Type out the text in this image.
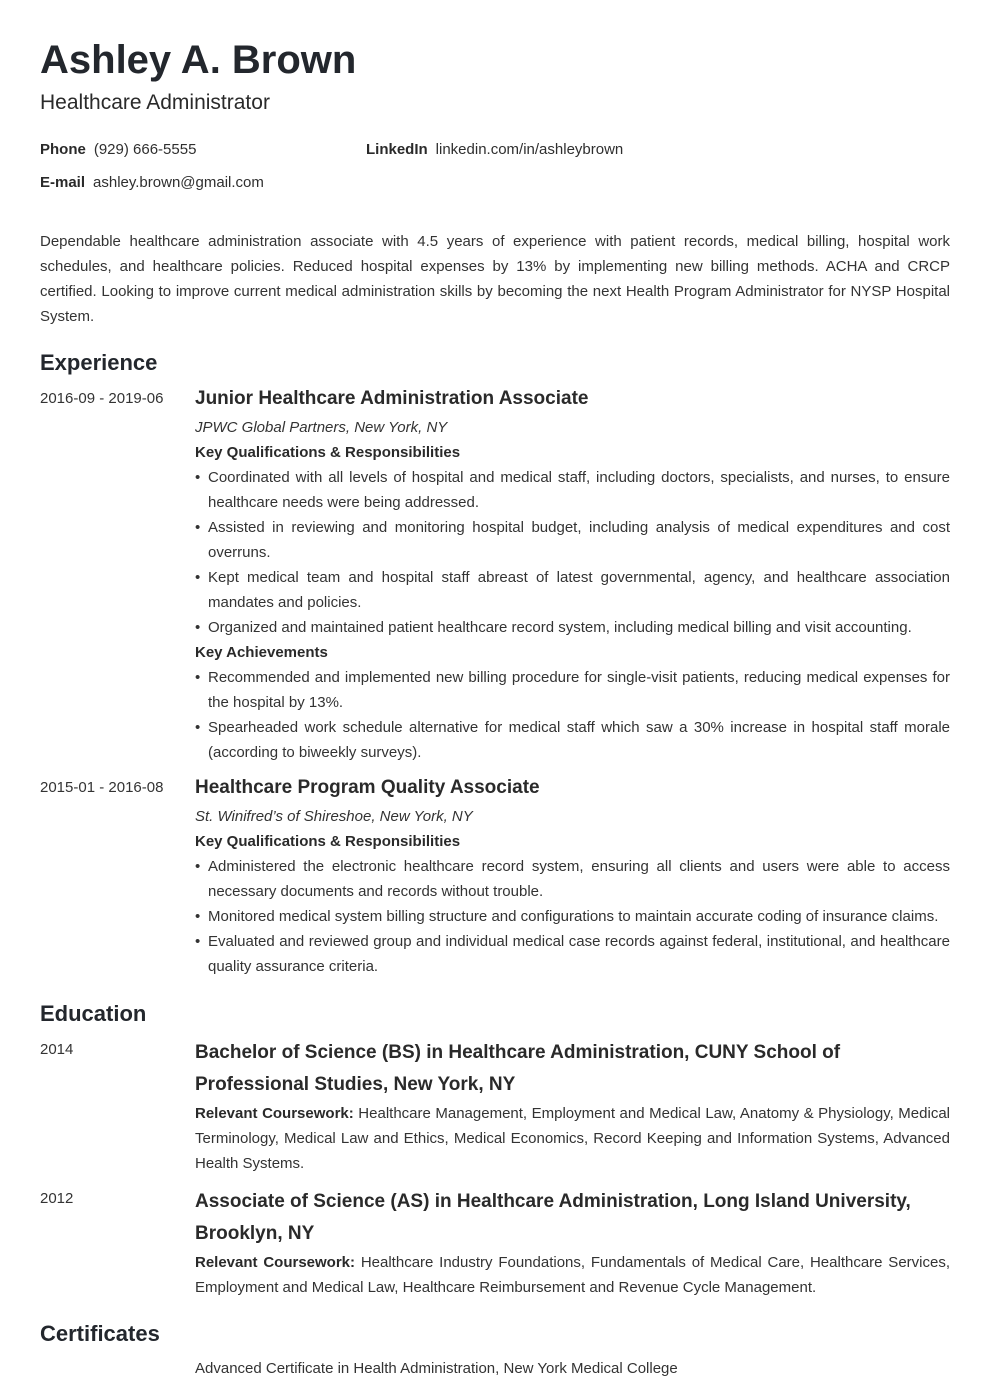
Ashley A. Brown
Healthcare Administrator
Phone (929) 666-5555	LinkedIn linkedin.com/in/ashleybrown
E-mail ashley.brown@gmail.com
Dependable healthcare administration associate with 4.5 years of experience with patient records, medical billing, hospital work schedules, and healthcare policies. Reduced hospital expenses by 13% by implementing new billing methods. ACHA and CRCP certified. Looking to improve current medical administration skills by becoming the next Health Program Administrator for NYSP Hospital System.
Experience
2016-09 - 2019-06	Junior Healthcare Administration Associate
JPWC Global Partners, New York, NY
Key Qualifications & Responsibilities
• Coordinated with all levels of hospital and medical staff, including doctors, specialists, and nurses, to ensure healthcare needs were being addressed.
• Assisted in reviewing and monitoring hospital budget, including analysis of medical expenditures and cost overruns.
• Kept medical team and hospital staff abreast of latest governmental, agency, and healthcare association mandates and policies.
• Organized and maintained patient healthcare record system, including medical billing and visit accounting.
Key Achievements
• Recommended and implemented new billing procedure for single-visit patients, reducing medical expenses for the hospital by 13%.
• Spearheaded work schedule alternative for medical staff which saw a 30% increase in hospital staff morale (according to biweekly surveys).
2015-01 - 2016-08	Healthcare Program Quality Associate
St. Winifred’s of Shireshoe, New York, NY
Key Qualifications & Responsibilities
• Administered the electronic healthcare record system, ensuring all clients and users were able to access necessary documents and records without trouble.
• Monitored medical system billing structure and configurations to maintain accurate coding of insurance claims.
• Evaluated and reviewed group and individual medical case records against federal, institutional, and healthcare quality assurance criteria.
Education
2014	Bachelor of Science (BS) in Healthcare Administration, CUNY School of Professional Studies, New York, NY
Relevant Coursework: Healthcare Management, Employment and Medical Law, Anatomy & Physiology, Medical Terminology, Medical Law and Ethics, Medical Economics, Record Keeping and Information Systems, Advanced Health Systems.
2012	Associate of Science (AS) in Healthcare Administration, Long Island University, Brooklyn, NY
Relevant Coursework: Healthcare Industry Foundations, Fundamentals of Medical Care, Healthcare Services, Employment and Medical Law, Healthcare Reimbursement and Revenue Cycle Management.
Certificates
Advanced Certificate in Health Administration, New York Medical College
